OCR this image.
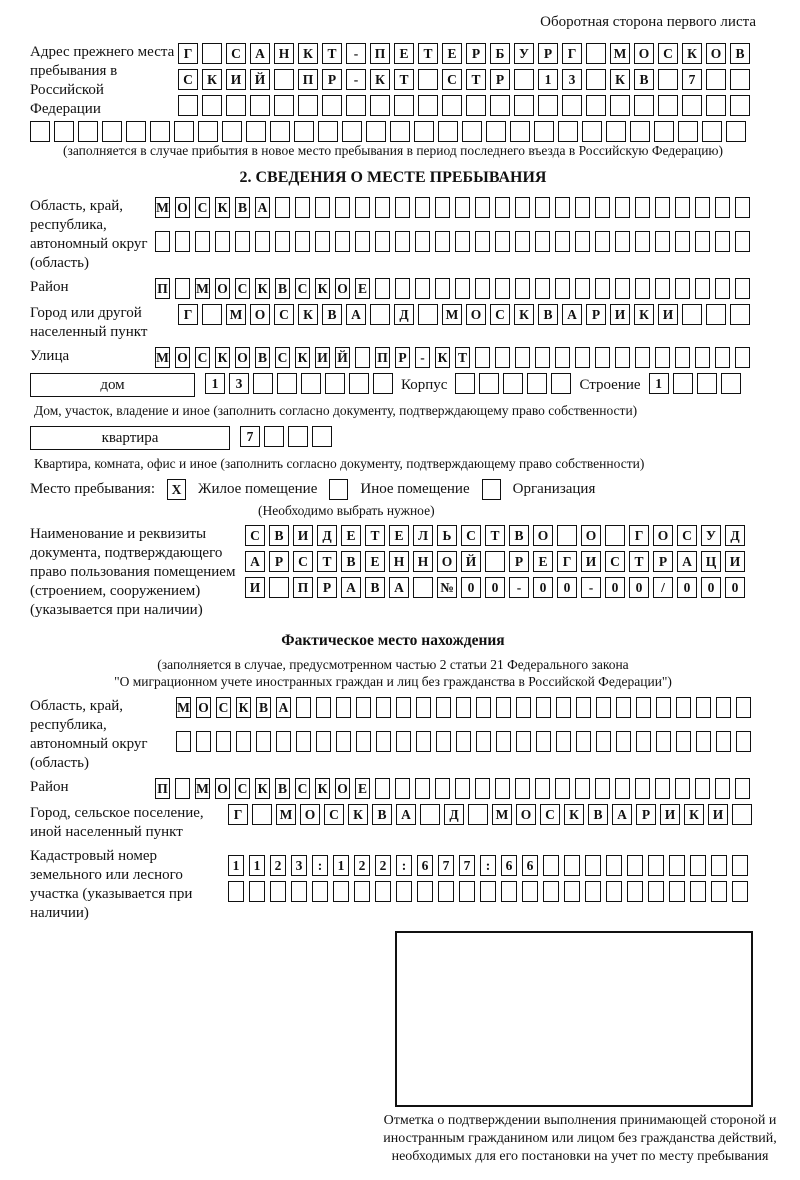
Оборотная сторона первого листа
Адрес прежнего места пребывания в Российской Федерации
Г	С	А	Н	К	Т	-	П	Е	Т	Е	Р	Б	У	Р	Г	М О	С	К	О	В
С	К	И Й	П	Р	-	К	Т	С	Т	Р	1	3	К	В	7
(заполняется в случае прибытия в новое место пребывания в период последнего въезда в Российскую Федерацию)
2. СВЕДЕНИЯ О МЕСТЕ ПРЕБЫВАНИЯ
Область, край, республика, автономный округ (область)
М О С К В А
Район	П М О С К В С К О Е
Город или другой населенный пункт
Г	М О	С	К	В	А	Д	М О	С	К	В	А	Р	И	К	И
Улица	М О С К О В С К И Й П Р	- К Т
дом	1	3	Корпус	Строение	1
Дом, участок, владение и иное (заполнить согласно документу, подтверждающему право собственности)
квартира	7
Квартира, комната, офис и иное (заполнить согласно документу, подтверждающему право собственности)
Место пребывания:	X	Жилое помещение	Иное помещение	Организация
(Необходимо выбрать нужное)
Наименование и реквизиты документа, подтверждающего право пользования помещением (строением, сооружением) (указывается при наличии)
С	В	И	Д	Е	Т	Е	Л	Ь	С	Т	В	О	О	Г	О	С	У	Д
А	Р	С	Т	В	Е	Н Н О Й	Р	Е	Г	И	С	Т	Р	А	Ц И
И	П	Р	А	В	А	№	0	0	-	0	0	-	0	0	/	0	0	0
Фактическое место нахождения
(заполняется в случае, предусмотренном частью 2 статьи 21 Федерального закона
"О миграционном учете иностранных граждан и лиц без гражданства в Российской Федерации")
Область, край, республика, автономный округ (область)
М О С К В А
Район	П М О С К В С К О Е
Город, сельское поселение, иной населенный пункт
Г	М О	С	К	В	А	Д	М О	С	К	В	А	Р	И	К	И
Кадастровый номер земельного или лесного участка (указывается при наличии)
1	1	2	3	:	1	2	2	:	6	7	7	:	6	6
Отметка о подтверждении выполнения принимающей стороной и иностранным гражданином или лицом без гражданства действий, необходимых для его постановки на учет по месту пребывания
